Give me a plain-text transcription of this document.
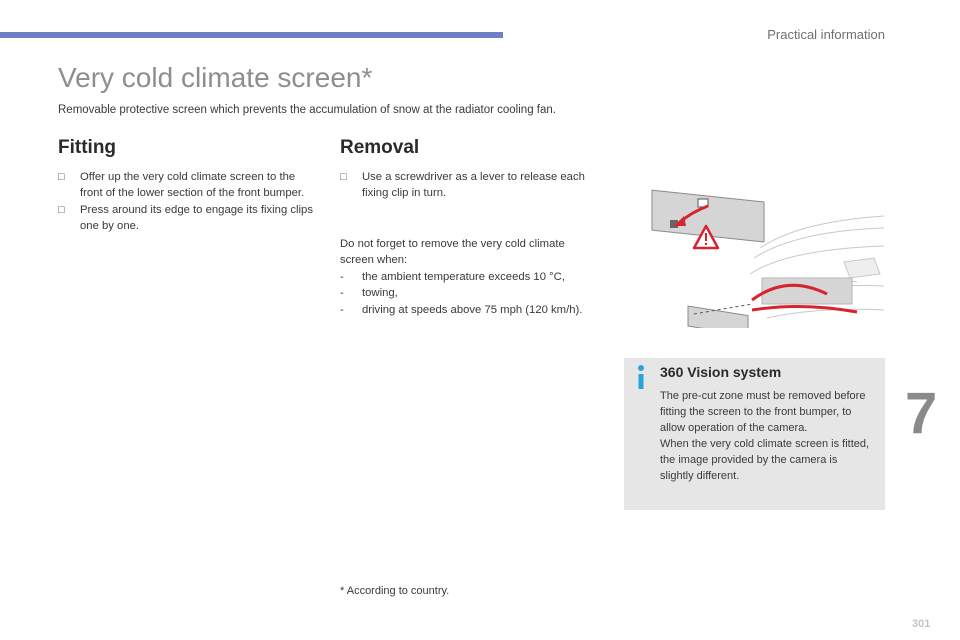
Practical information
Very cold climate screen*
Removable protective screen which prevents the accumulation of snow at the radiator cooling fan.
Fitting
□ Offer up the very cold climate screen to the front of the lower section of the front bumper.
□ Press around its edge to engage its fixing clips one by one.
Removal
□ Use a screwdriver as a lever to release each fixing clip in turn.
Do not forget to remove the very cold climate screen when:
- the ambient temperature exceeds 10 °C,
- towing,
- driving at speeds above 75 mph (120 km/h).
360 Vision system
The pre-cut zone must be removed before fitting the screen to the front bumper, to allow operation of the camera.
When the very cold climate screen is fitted, the image provided by the camera is slightly different.
7
* According to country.
301
